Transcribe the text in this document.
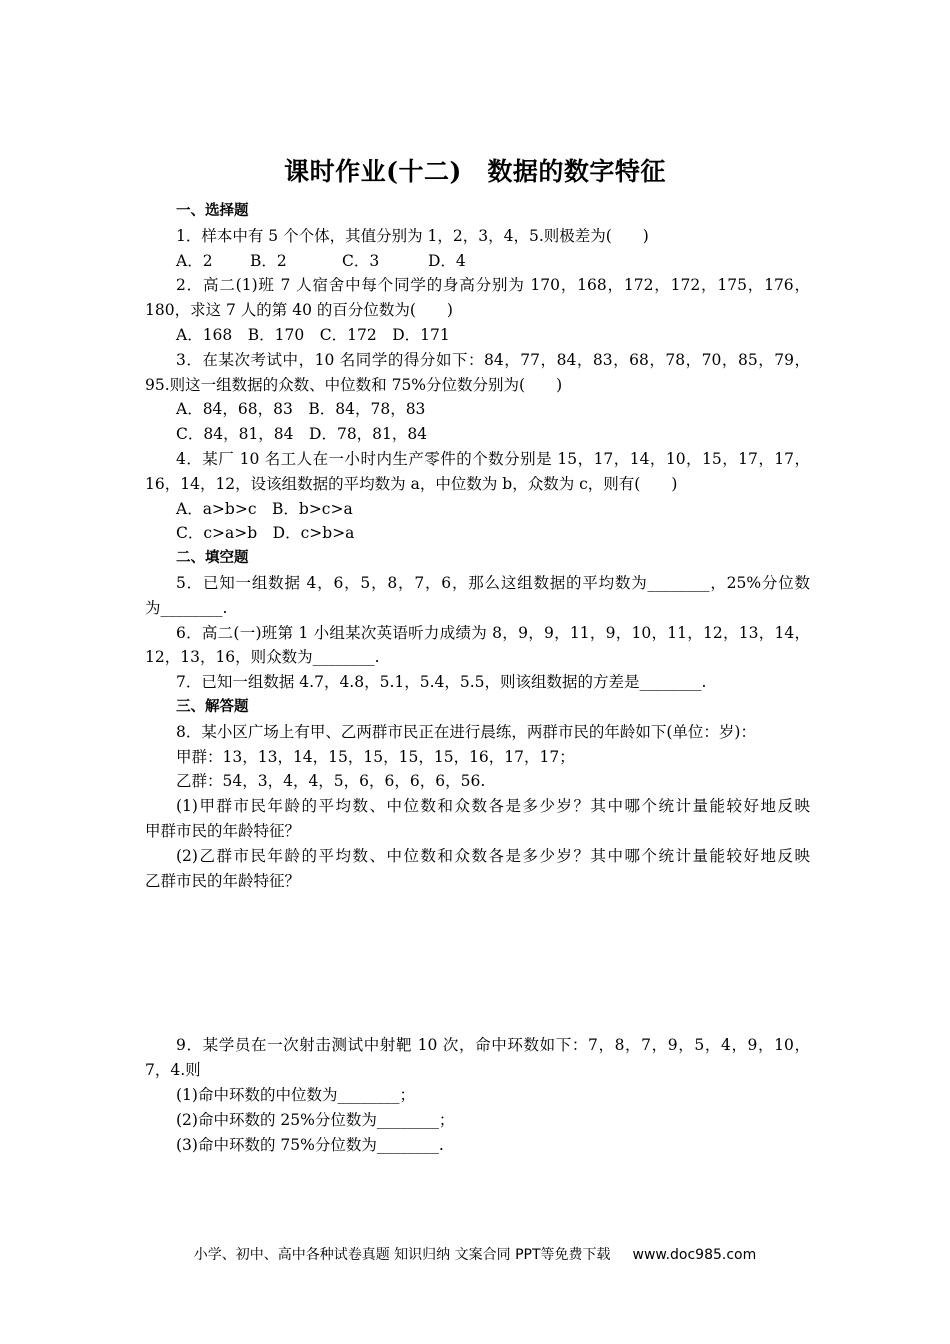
课时作业(十二)　数据的数字特征
一、选择题
1．样本中有 5 个个体，其值分别为 1，2，3，4，5.则极差为(　　)
A．2 B．2	C．3	D．4
2．高二(1)班 7 人宿舍中每个同学的身高分别为 170，168，172，172，175，176，
180，求这 7 人的第 40 的百分位数为(　　)
A．168　B．170　C．172　D．171
3．在某次考试中，10 名同学的得分如下：84，77，84，83，68，78，70，85，79，
95.则这一组数据的众数、中位数和 75%分位数分别为(　　)
A．84，68，83　B．84，78，83
C．84，81，84　D．78，81，84
4．某厂 10 名工人在一小时内生产零件的个数分别是 15，17，14，10，15，17，17，
16，14，12，设该组数据的平均数为 a，中位数为 b，众数为 c，则有(　　)
A．a>b>c　B．b>c>a
C．c>a>b　D．c>b>a
二、填空题
5．已知一组数据 4，6，5，8，7，6，那么这组数据的平均数为________，25%分位数
为________.
6．高二(一)班第 1 小组某次英语听力成绩为 8，9，9，11，9，10，11，12，13，14，
12，13，16，则众数为________.
7．已知一组数据 4.7，4.8，5.1，5.4，5.5，则该组数据的方差是________.
三、解答题
8．某小区广场上有甲、乙两群市民正在进行晨练，两群市民的年龄如下(单位：岁)：
甲群：13，13，14，15，15，15，15，16，17，17；
乙群：54，3，4，4，5，6，6，6，6，56.
(1)甲群市民年龄的平均数、中位数和众数各是多少岁？其中哪个统计量能较好地反映
甲群市民的年龄特征？
(2)乙群市民年龄的平均数、中位数和众数各是多少岁？其中哪个统计量能较好地反映
乙群市民的年龄特征？
9．某学员在一次射击测试中射靶 10 次，命中环数如下：7，8，7，9，5，4，9，10，
7，4.则
(1)命中环数的中位数为________；
(2)命中环数的 25%分位数为________；
(3)命中环数的 75%分位数为________.
小学、初中、高中各种试卷真题 知识归纳 文案合同 PPT等免费下载 www.doc985.com
